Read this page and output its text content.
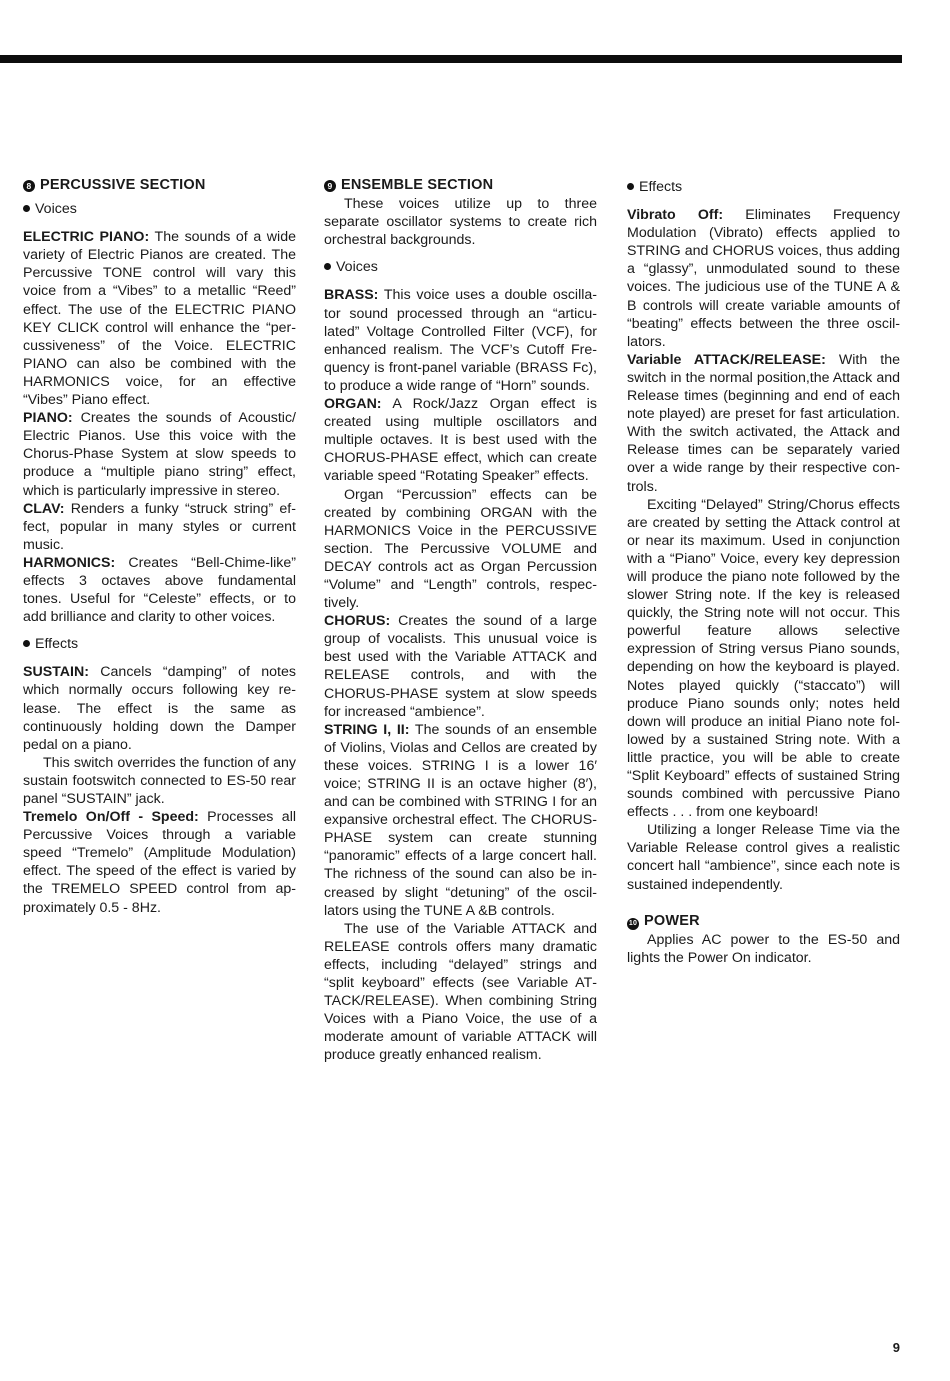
8 PERCUSSIVE SECTION
Voices

ELECTRIC PIANO: The sounds of a wide variety of Electric Pianos are created. The Percussive TONE control will vary this voice from a “Vibes” to a metallic “Reed” effect. The use of the ELECTRIC PIANO KEY CLICK control will enhance the “percussiveness” of the Voice. ELECTRIC PIANO can also be combined with the HARMONICS voice, for an effective “Vibes” Piano effect.

PIANO: Creates the sounds of Acoustic/ Electric Pianos. Use this voice with the Chorus-Phase System at slow speeds to produce a “multiple piano string” effect, which is particularly impressive in stereo.

CLAV: Renders a funky “struck string” effect, popular in many styles or current music.

HARMONICS: Creates “Bell-Chime-like” effects 3 octaves above fundamental tones. Useful for “Celeste” effects, or to add brilliance and clarity to other voices.

Effects

SUSTAIN: Cancels “damping” of notes which normally occurs following key release. The effect is the same as continuously holding down the Damper pedal on a piano.

This switch overrides the function of any sustain footswitch connected to ES-50 rear panel “SUSTAIN” jack.

Tremelo On/Off - Speed: Processes all Percussive Voices through a variable speed “Tremelo” (Amplitude Modulation) effect. The speed of the effect is varied by the TREMELO SPEED control from approximately 0.5 - 8Hz.

9 ENSEMBLE SECTION

These voices utilize up to three separate oscillator systems to create rich orchestral backgrounds.

Voices

BRASS: This voice uses a double oscillator sound processed through an “articulated” Voltage Controlled Filter (VCF), for enhanced realism. The VCF’s Cutoff Frequency is front-panel variable (BRASS Fc), to produce a wide range of “Horn” sounds.

ORGAN: A Rock/Jazz Organ effect is created using multiple oscillators and multiple octaves. It is best used with the CHORUS-PHASE effect, which can create variable speed “Rotating Speaker” effects.

Organ “Percussion” effects can be created by combining ORGAN with the HARMONICS Voice in the PERCUSSIVE section. The Percussive VOLUME and DECAY controls act as Organ Percussion “Volume” and “Length” controls, respectively.

CHORUS: Creates the sound of a large group of vocalists. This unusual voice is best used with the Variable ATTACK and RELEASE controls, and with the CHORUS-PHASE system at slow speeds for increased “ambience”.

STRING I, II: The sounds of an ensemble of Violins, Violas and Cellos are created by these voices. STRING I is a lower 16′ voice; STRING II is an octave higher (8′), and can be combined with STRING I for an expansive orchestral effect. The CHORUS-PHASE system can create stunning “panoramic” effects of a large concert hall. The richness of the sound can also be increased by slight “detuning” of the oscillators using the TUNE A &B controls.

The use of the Variable ATTACK and RELEASE controls offers many dramatic effects, including “delayed” strings and “split keyboard” effects (see Variable ATTACK/RELEASE). When combining String Voices with a Piano Voice, the use of a moderate amount of variable ATTACK will produce greatly enhanced realism.

Effects

Vibrato Off: Eliminates Frequency Modulation (Vibrato) effects applied to STRING and CHORUS voices, thus adding a “glassy”, unmodulated sound to these voices. The judicious use of the TUNE A & B controls will create variable amounts of “beating” effects between the three oscillators.

Variable ATTACK/RELEASE: With the switch in the normal position,the Attack and Release times (beginning and end of each note played) are preset for fast articulation. With the switch activated, the Attack and Release times can be separately varied over a wide range by their respective controls.

Exciting “Delayed” String/Chorus effects are created by setting the Attack control at or near its maximum. Used in conjunction with a “Piano” Voice, every key depression will produce the piano note followed by the slower String note. If the key is released quickly, the String note will not occur. This powerful feature allows selective expression of String versus Piano sounds, depending on how the keyboard is played. Notes played quickly (“staccato”) will produce Piano sounds only; notes held down will produce an initial Piano note followed by a sustained String note. With a little practice, you will be able to create “Split Keyboard” effects of sustained String sounds combined with percussive Piano effects . . . from one keyboard!

Utilizing a longer Release Time via the Variable Release control gives a realistic concert hall “ambience”, since each note is sustained independently.

10 POWER

Applies AC power to the ES-50 and lights the Power On indicator.

9
